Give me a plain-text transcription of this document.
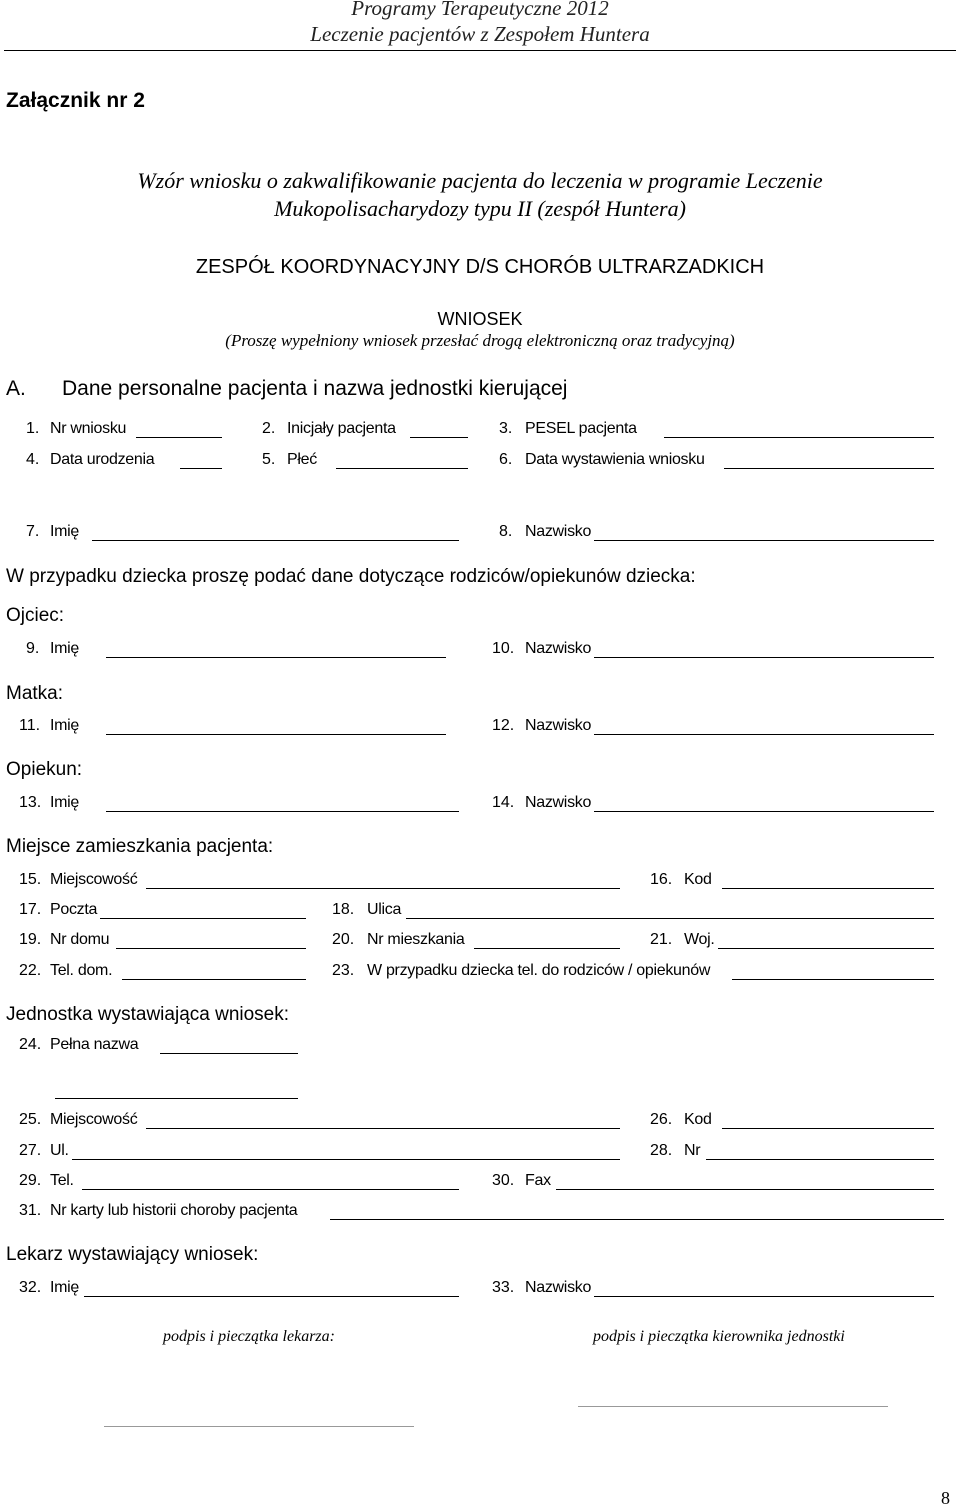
Programy Terapeutyczne 2012
Leczenie pacjentów z Zespołem Huntera
Załącznik nr 2
Wzór wniosku o zakwalifikowanie pacjenta do leczenia w programie Leczenie
Mukopolisacharydozy typu II (zespół Huntera)
ZESPÓŁ KOORDYNACYJNY D/S CHORÓB ULTRARZADKICH
WNIOSEK
(Proszę wypełniony wniosek przesłać drogą elektroniczną oraz tradycyjną)
A. Dane personalne pacjenta i nazwa jednostki kierującej
1. Nr wniosku	2. Inicjały pacjenta	3. PESEL pacjenta
4. Data urodzenia	5. Płeć	6. Data wystawienia wniosku
7. Imię	8. Nazwisko
W przypadku dziecka proszę podać dane dotyczące rodziców/opiekunów dziecka:
Ojciec:
9. Imię	10. Nazwisko
Matka:
11. Imię	12. Nazwisko
Opiekun:
13. Imię	14. Nazwisko
Miejsce zamieszkania pacjenta:
15. Miejscowość	16. Kod
17. Poczta	18. Ulica
19. Nr domu	20. Nr mieszkania	21. Woj.
22. Tel. dom.	23. W przypadku dziecka tel. do rodziców / opiekunów
Jednostka wystawiająca wniosek:
24. Pełna nazwa
25. Miejscowość	26. Kod
27. Ul.	28. Nr
29. Tel.	30. Fax
31. Nr karty lub historii choroby pacjenta
Lekarz wystawiający wniosek:
32. Imię	33. Nazwisko
podpis i pieczątka lekarza:	podpis i pieczątka kierownika jednostki
8
